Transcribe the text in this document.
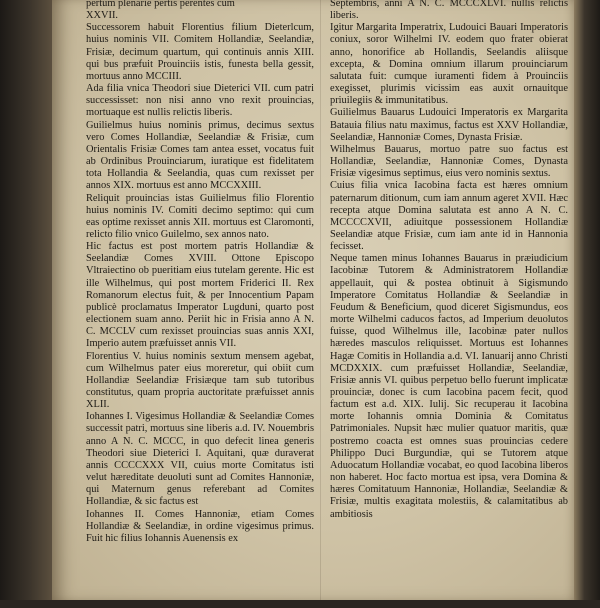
pertum plenarie pertis perentes cum
XXVII.

Successorem habuit Florentius filium Dieterlcum, huius nominis VII. Comitem Hollandiæ, Seelandiæ, Frisiæ, decimum quartum, qui continuis annis XIII. qui bus præfuit Prouinciis istis, funesta bella gessit, mortuus anno MCCIII.

Ada filia vnica Theodori siue Dieterici VII. cum patri successisset: non nisi anno vno rexit prouincias, mortuaque est nullis relictis liberis.

Guilielmus huius nominis primus, decimus sextus vero Comes Hollandiæ, Seelandiæ & Frisiæ, cum Orientalis Frisiæ Comes tam antea esset, vocatus fuit ab Ordinibus Prouinciarum, iuratique est fidelitatem tota Hollandia & Seelandia, quas cum rexisset per annos XIX. mortuus est anno MCCXXIII.

Reliquit prouincias istas Guilielmus filio Florentio huius nominis IV. Comiti decimo septimo: qui cum eas optime rexisset annis XII. mortuus est Claromonti, relicto filio vnico Guilelmo, sex annos nato.

Hic factus est post mortem patris Hollandiæ & Seelandiæ Comes XVIII. Ottone Episcopo Vltraiectino ob pueritiam eius tutelam gerente. Hic est ille Wilhelmus, qui post mortem Friderici II. Rex Romanorum electus fuit, & per Innocentium Papam publicè proclamatus Imperator Lugduni, quarto post electionem suam anno. Periit hic in Frisia anno A N. C. MCCLV cum rexisset prouincias suas annis XXI, Imperio autem præfuisset annis VII.

Florentius V. huius nominis sextum mensem agebat, cum Wilhelmus pater eius moreretur, qui obiit cum Hollandiæ Seelandiæ Frisiæque tam sub tutoribus constitutus, quam propria auctoritate præfuisset annis XLII.

Iohannes I. Vigesimus Hollandiæ & Seelandiæ Comes successit patri, mortuus sine liberis a.d. IV. Nouembris anno A N. C. MCCC, in quo defecit linea generis Theodori siue Dieterici I. Aquitani, quæ duraverat annis CCCCXXX VII, cuius morte Comitatus isti velut hæreditate deuoluti sunt ad Comites Hannoniæ, qui Maternum genus referebant ad Comites Hollandiæ, & sic factus est

Iohannes II. Comes Hannoniæ, etiam Comes Hollandiæ & Seelandiæ, in ordine vigesimus primus. Fuit hic filius Iohannis Auenensis ex

Septembris, anni A N. C. MCCCXLVI. nullis relictis liberis.

Igitur Margarita Imperatrix, Ludouici Bauari Imperatoris coniux, soror Wilhelmi IV. eodem quo frater obierat anno, honorifice ab Hollandis, Seelandis aliisque excepta, & Domina omnium illarum prouinciarum salutata fuit: cumque iuramenti fidem à Prouinciis exegisset, plurimis vicissim eas auxit ornauitque priuilegiis & immunitatibus.

Guilielmus Bauarus Ludouici Imperatoris ex Margarita Batauia filius natu maximus, factus est XXV Hollandiæ, Seelandiæ, Hannoniæ Comes, Dynasta Frisiæ.

Wilhelmus Bauarus, mortuo patre suo factus est Hollandiæ, Seelandiæ, Hannoniæ Comes, Dynasta Frisiæ vigesimus septimus, eius vero nominis sextus.

Cuius filia vnica Iacobina facta est hæres omnium paternarum ditionum, cum iam annum ageret XVII. Hæc recepta atque Domina salutata est anno A N. C. MCCCCXVII, adiuitque possessionem Hollandiæ Seelandiæ atque Frisiæ, cum iam ante id in Hannonia fecisset.

Neque tamen minus Iohannes Bauarus in præiudicium Iacobinæ Tutorem & Administratorem Hollandiæ appellauit, qui & postea obtinuit à Sigismundo Imperatore Comitatus Hollandiæ & Seelandiæ in Feudum & Beneficium, quod diceret Sigismundus, eos morte Wilhelmi caducos factos, ad Imperium deuolutos fuisse, quod Wilhelmus ille, Iacobinæ pater nullos hæredes masculos reliquisset. Mortuus est Iohannes Hagæ Comitis in Hollandia a.d. VI. Ianuarij anno Christi MCDXXIX. cum præfuisset Hollandiæ, Seelandiæ, Frisiæ annis VI. quibus perpetuo bello fuerunt implicatæ prouinciæ, donec is cum Iacobina pacem fecit, quod factum est a.d. XIX. Iulij. Sic recuperau it Iacobina morte Iohannis omnia Dominia & Comitatus Patrimoniales. Nupsit hæc mulier quatuor maritis, quæ postremo coacta est omnes suas prouincias cedere Philippo Duci Burgundiæ, qui se Tutorem atque Aduocatum Hollandiæ vocabat, eo quod Iacobina liberos non haberet. Hoc facto mortua est ipsa, vera Domina & hæres Comitatuum Hannoniæ, Hollandiæ, Seelandiæ & Frisiæ, multis exagitata molestiis, & calamitatibus ab ambitiosis
